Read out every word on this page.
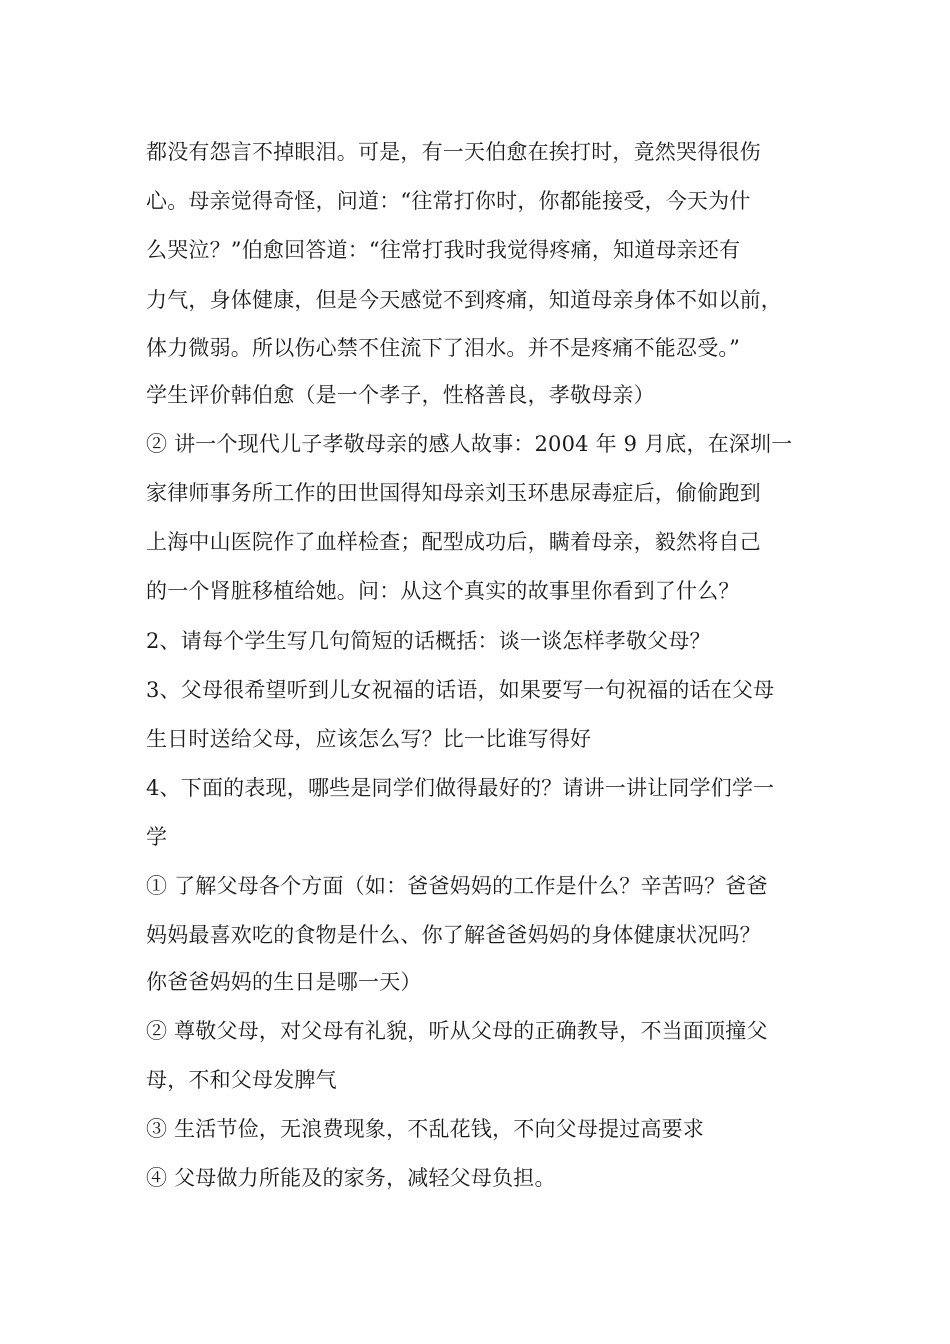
都没有怨言不掉眼泪。可是，有一天伯愈在挨打时，竟然哭得很伤
心。母亲觉得奇怪，问道：“往常打你时，你都能接受，今天为什
么哭泣？”伯愈回答道：“往常打我时我觉得疼痛，知道母亲还有
力气，身体健康，但是今天感觉不到疼痛，知道母亲身体不如以前，
体力微弱。所以伤心禁不住流下了泪水。并不是疼痛不能忍受。”
学生评价韩伯愈（是一个孝子，性格善良，孝敬母亲）
② 讲一个现代儿子孝敬母亲的感人故事：2004 年 9 月底，在深圳一
家律师事务所工作的田世国得知母亲刘玉环患尿毒症后，偷偷跑到
上海中山医院作了血样检查；配型成功后，瞒着母亲，毅然将自己
的一个肾脏移植给她。问：从这个真实的故事里你看到了什么？
2、请每个学生写几句简短的话概括：谈一谈怎样孝敬父母？
3、父母很希望听到儿女祝福的话语，如果要写一句祝福的话在父母
生日时送给父母，应该怎么写？比一比谁写得好
4、下面的表现，哪些是同学们做得最好的？请讲一讲让同学们学一
学
① 了解父母各个方面（如：爸爸妈妈的工作是什么？辛苦吗？爸爸
妈妈最喜欢吃的食物是什么、你了解爸爸妈妈的身体健康状况吗？
你爸爸妈妈的生日是哪一天）
② 尊敬父母，对父母有礼貌，听从父母的正确教导，不当面顶撞父
母，不和父母发脾气
③ 生活节俭，无浪费现象，不乱花钱，不向父母提过高要求
④ 父母做力所能及的家务，减轻父母负担。
